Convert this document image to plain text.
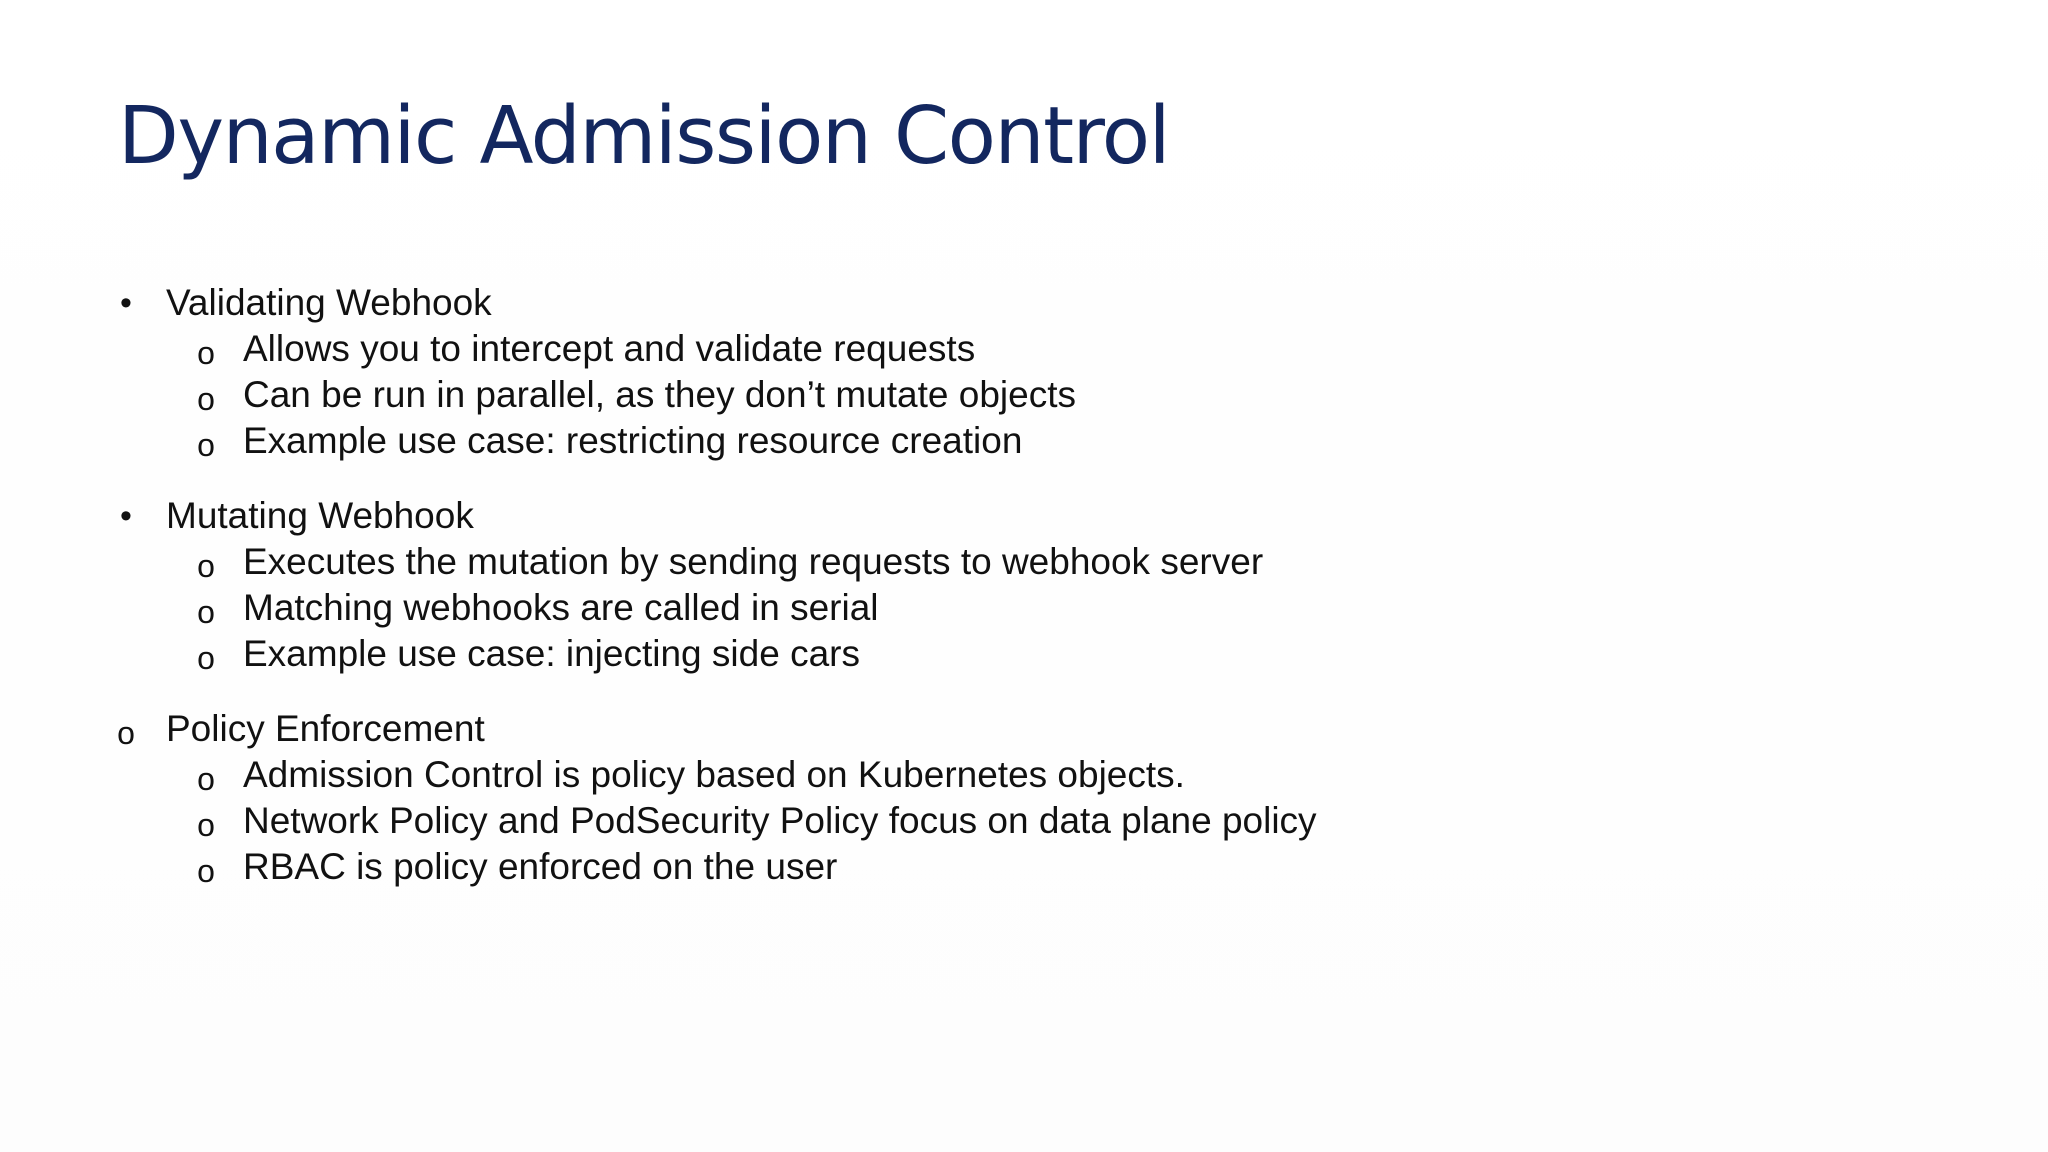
Dynamic Admission Control
• Validating Webhook
o Allows you to intercept and validate requests
o Can be run in parallel, as they don’t mutate objects
o Example use case: restricting resource creation
• Mutating Webhook
o Executes the mutation by sending requests to webhook server
o Matching webhooks are called in serial
o Example use case: injecting side cars
o Policy Enforcement
o Admission Control is policy based on Kubernetes objects.
o Network Policy and PodSecurity Policy focus on data plane policy
o RBAC is policy enforced on the user
